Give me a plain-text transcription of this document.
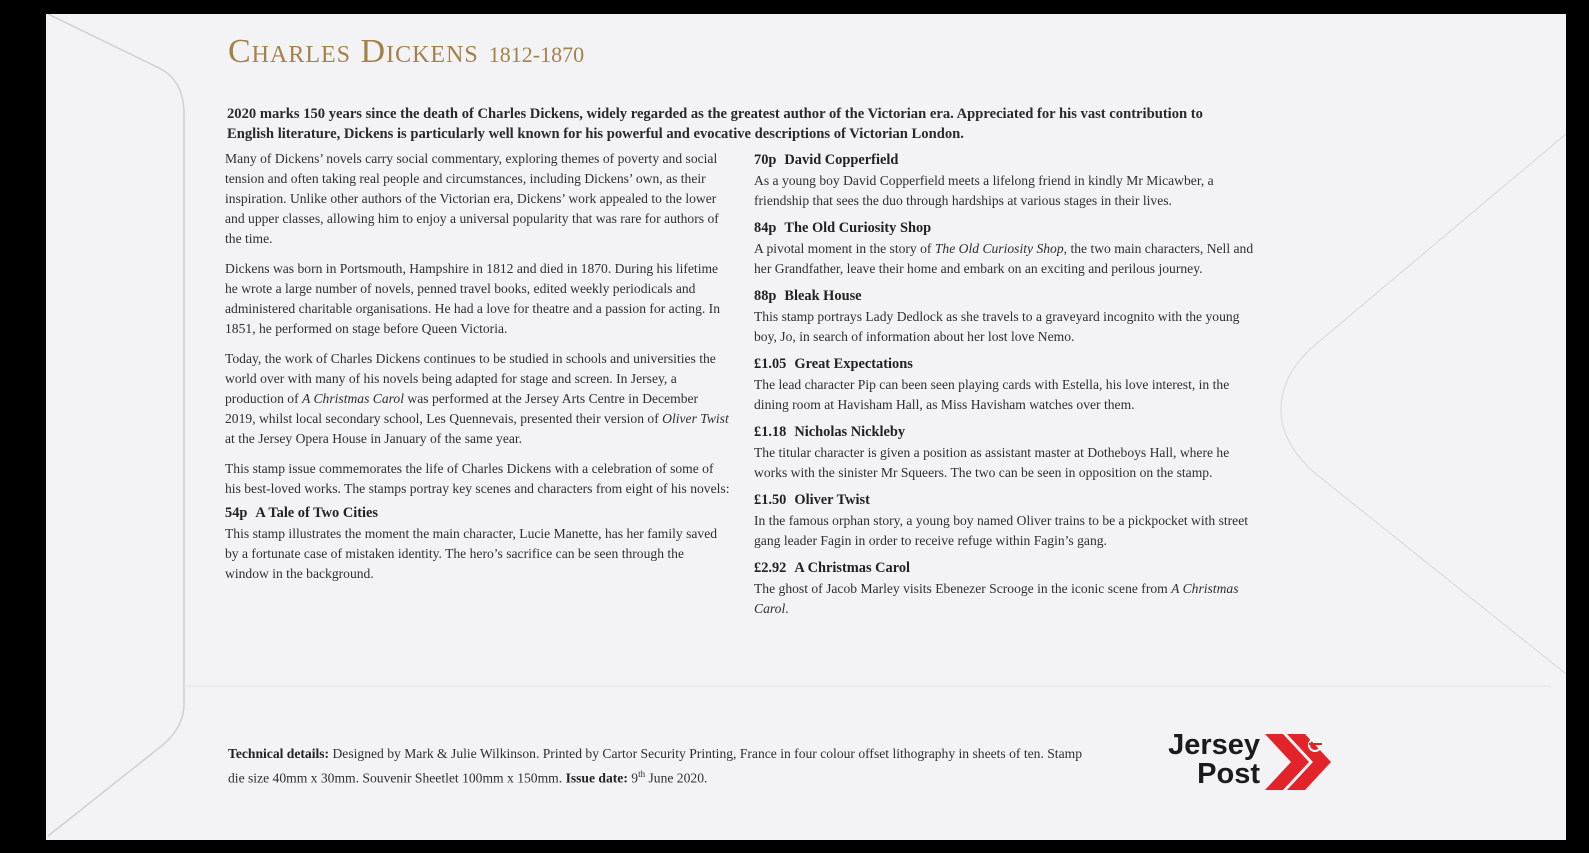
Charles Dickens 1812-1870
2020 marks 150 years since the death of Charles Dickens, widely regarded as the greatest author of the Victorian era. Appreciated for his vast contribution to English literature, Dickens is particularly well known for his powerful and evocative descriptions of Victorian London.

Many of Dickens’ novels carry social commentary, exploring themes of poverty and social tension and often taking real people and circumstances, including Dickens’ own, as their inspiration. Unlike other authors of the Victorian era, Dickens’ work appealed to the lower and upper classes, allowing him to enjoy a universal popularity that was rare for authors of the time.

Dickens was born in Portsmouth, Hampshire in 1812 and died in 1870. During his lifetime he wrote a large number of novels, penned travel books, edited weekly periodicals and administered charitable organisations. He had a love for theatre and a passion for acting. In 1851, he performed on stage before Queen Victoria.

Today, the work of Charles Dickens continues to be studied in schools and universities the world over with many of his novels being adapted for stage and screen. In Jersey, a production of A Christmas Carol was performed at the Jersey Arts Centre in December 2019, whilst local secondary school, Les Quennevais, presented their version of Oliver Twist at the Jersey Opera House in January of the same year.

This stamp issue commemorates the life of Charles Dickens with a celebration of some of his best-loved works. The stamps portray key scenes and characters from eight of his novels:

54p A Tale of Two Cities

This stamp illustrates the moment the main character, Lucie Manette, has her family saved by a fortunate case of mistaken identity. The hero’s sacrifice can be seen through the window in the background.

70p David Copperfield

As a young boy David Copperfield meets a lifelong friend in kindly Mr Micawber, a friendship that sees the duo through hardships at various stages in their lives.

84p The Old Curiosity Shop

A pivotal moment in the story of The Old Curiosity Shop, the two main characters, Nell and her Grandfather, leave their home and embark on an exciting and perilous journey.

88p Bleak House

This stamp portrays Lady Dedlock as she travels to a graveyard incognito with the young boy, Jo, in search of information about her lost love Nemo.

£1.05 Great Expectations

The lead character Pip can been seen playing cards with Estella, his love interest, in the dining room at Havisham Hall, as Miss Havisham watches over them.

£1.18 Nicholas Nickleby

The titular character is given a position as assistant master at Dotheboys Hall, where he works with the sinister Mr Squeers. The two can be seen in opposition on the stamp.

£1.50 Oliver Twist

In the famous orphan story, a young boy named Oliver trains to be a pickpocket with street gang leader Fagin in order to receive refuge within Fagin’s gang.

£2.92 A Christmas Carol

The ghost of Jacob Marley visits Ebenezer Scrooge in the iconic scene from A Christmas Carol.

Technical details: Designed by Mark & Julie Wilkinson. Printed by Cartor Security Printing, France in four colour offset lithography in sheets of ten. Stamp die size 40mm x 30mm. Souvenir Sheetlet 100mm x 150mm. Issue date: 9th June 2020.
Jersey
Post
